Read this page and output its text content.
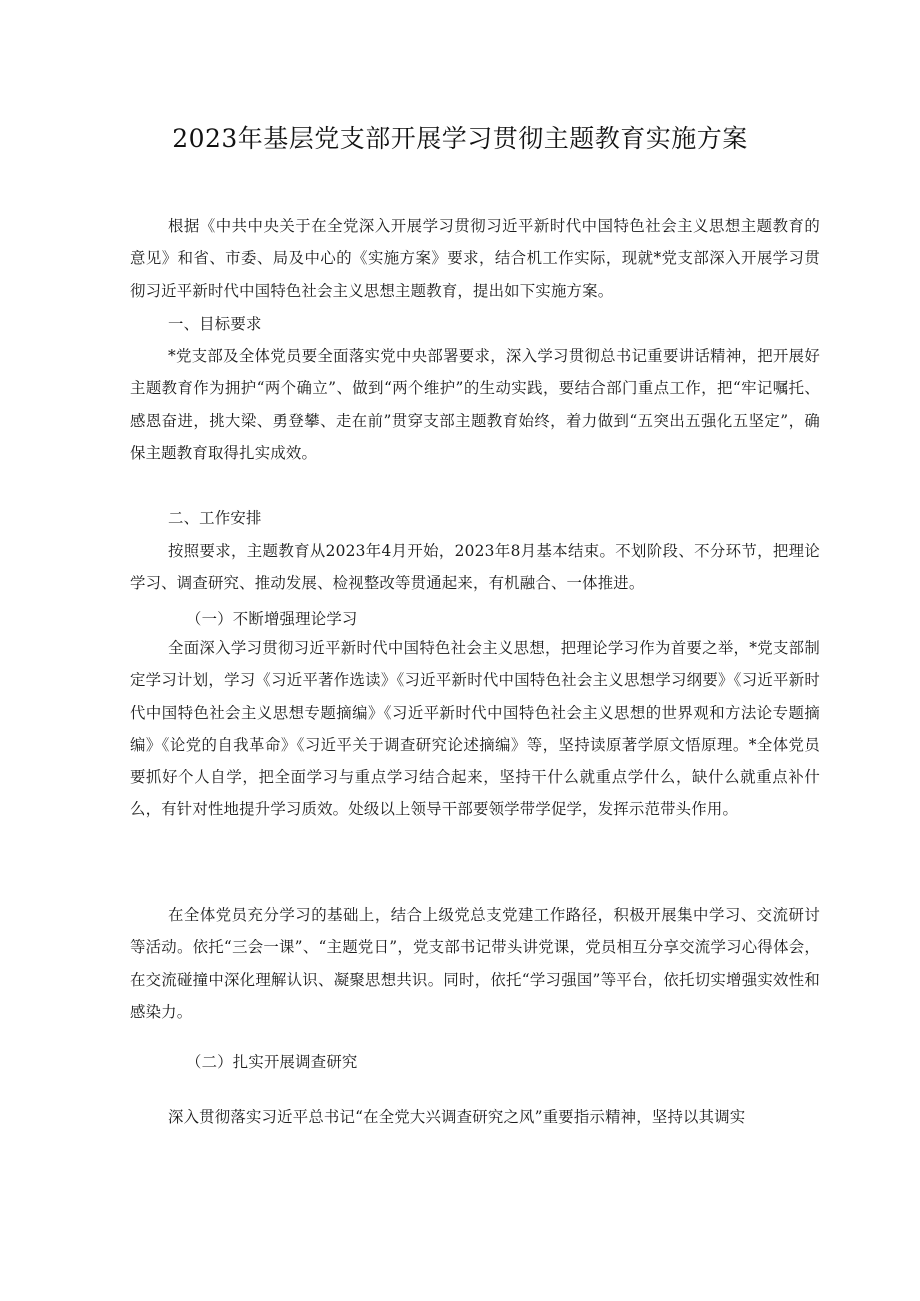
2023年基层党支部开展学习贯彻主题教育实施方案

根据《中共中央关于在全党深入开展学习贯彻习近平新时代中国特色社会主义思想主题教育的意见》和省、市委、局及中心的《实施方案》要求，结合机工作实际，现就*党支部深入开展学习贯彻习近平新时代中国特色社会主义思想主题教育，提出如下实施方案。

一、目标要求

*党支部及全体党员要全面落实党中央部署要求，深入学习贯彻总书记重要讲话精神，把开展好主题教育作为拥护“两个确立”、做到“两个维护”的生动实践，要结合部门重点工作，把“牢记嘱托、感恩奋进，挑大梁、勇登攀、走在前”贯穿支部主题教育始终，着力做到“五突出五强化五坚定”，确保主题教育取得扎实成效。

二、工作安排

按照要求，主题教育从2023年4月开始，2023年8月基本结束。不划阶段、不分环节，把理论学习、调查研究、推动发展、检视整改等贯通起来，有机融合、一体推进。

（一）不断增强理论学习

全面深入学习贯彻习近平新时代中国特色社会主义思想，把理论学习作为首要之举，*党支部制定学习计划，学习《习近平著作选读》《习近平新时代中国特色社会主义思想学习纲要》《习近平新时代中国特色社会主义思想专题摘编》《习近平新时代中国特色社会主义思想的世界观和方法论专题摘编》《论党的自我革命》《习近平关于调查研究论述摘编》等，坚持读原著学原文悟原理。*全体党员要抓好个人自学，把全面学习与重点学习结合起来，坚持干什么就重点学什么，缺什么就重点补什么，有针对性地提升学习质效。处级以上领导干部要领学带学促学，发挥示范带头作用。

在全体党员充分学习的基础上，结合上级党总支党建工作路径，积极开展集中学习、交流研讨等活动。依托“三会一课”、“主题党日”，党支部书记带头讲党课，党员相互分享交流学习心得体会，在交流碰撞中深化理解认识、凝聚思想共识。同时，依托“学习强国”等平台，依托切实增强实效性和感染力。

（二）扎实开展调查研究

深入贯彻落实习近平总书记“在全党大兴调查研究之风”重要指示精神，坚持以其调实
